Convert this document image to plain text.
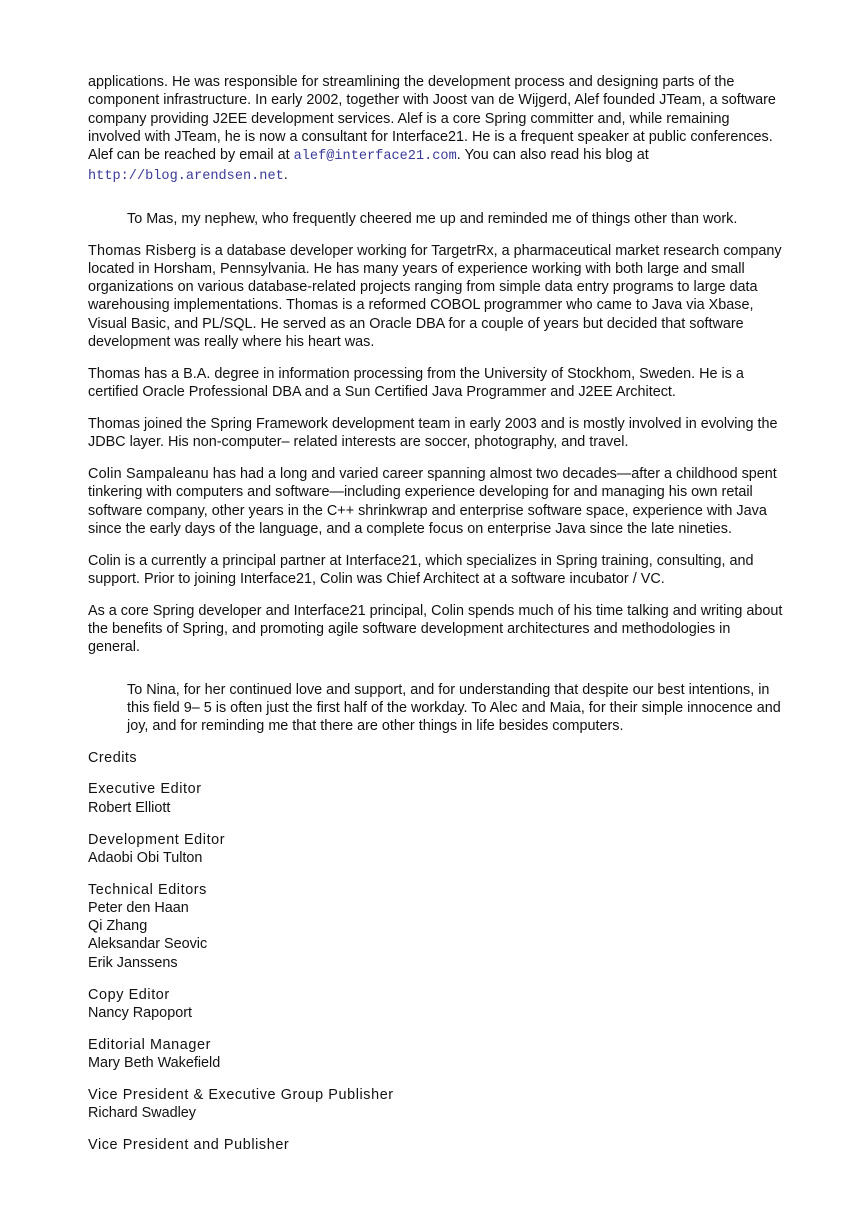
applications. He was responsible for streamlining the development process and designing parts of the component infrastructure. In early 2002, together with Joost van de Wijgerd, Alef founded JTeam, a software company providing J2EE development services. Alef is a core Spring committer and, while remaining involved with JTeam, he is now a consultant for Interface21. He is a frequent speaker at public conferences. Alef can be reached by email at alef@interface21.com. You can also read his blog at http://blog.arendsen.net.

To Mas, my nephew, who frequently cheered me up and reminded me of things other than work.

Thomas Risberg is a database developer working for TargetrRx, a pharmaceutical market research company located in Horsham, Pennsylvania. He has many years of experience working with both large and small organizations on various database-related projects ranging from simple data entry programs to large data warehousing implementations. Thomas is a reformed COBOL programmer who came to Java via Xbase, Visual Basic, and PL/SQL. He served as an Oracle DBA for a couple of years but decided that software development was really where his heart was.

Thomas has a B.A. degree in information processing from the University of Stockhom, Sweden. He is a certified Oracle Professional DBA and a Sun Certified Java Programmer and J2EE Architect.

Thomas joined the Spring Framework development team in early 2003 and is mostly involved in evolving the JDBC layer. His non-computer– related interests are soccer, photography, and travel.

Colin Sampaleanu has had a long and varied career spanning almost two decades—after a childhood spent tinkering with computers and software—including experience developing for and managing his own retail software company, other years in the C++ shrinkwrap and enterprise software space, experience with Java since the early days of the language, and a complete focus on enterprise Java since the late nineties.

Colin is a currently a principal partner at Interface21, which specializes in Spring training, consulting, and support. Prior to joining Interface21, Colin was Chief Architect at a software incubator / VC.

As a core Spring developer and Interface21 principal, Colin spends much of his time talking and writing about the benefits of Spring, and promoting agile software development architectures and methodologies in general.

To Nina, for her continued love and support, and for understanding that despite our best intentions, in this field 9– 5 is often just the first half of the workday. To Alec and Maia, for their simple innocence and joy, and for reminding me that there are other things in life besides computers.

Credits
Executive Editor
Robert Elliott
Development Editor
Adaobi Obi Tulton
Technical Editors
Peter den Haan
Qi Zhang
Aleksandar Seovic
Erik Janssens
Copy Editor
Nancy Rapoport
Editorial Manager
Mary Beth Wakefield
Vice President & Executive Group Publisher
Richard Swadley
Vice President and Publisher
